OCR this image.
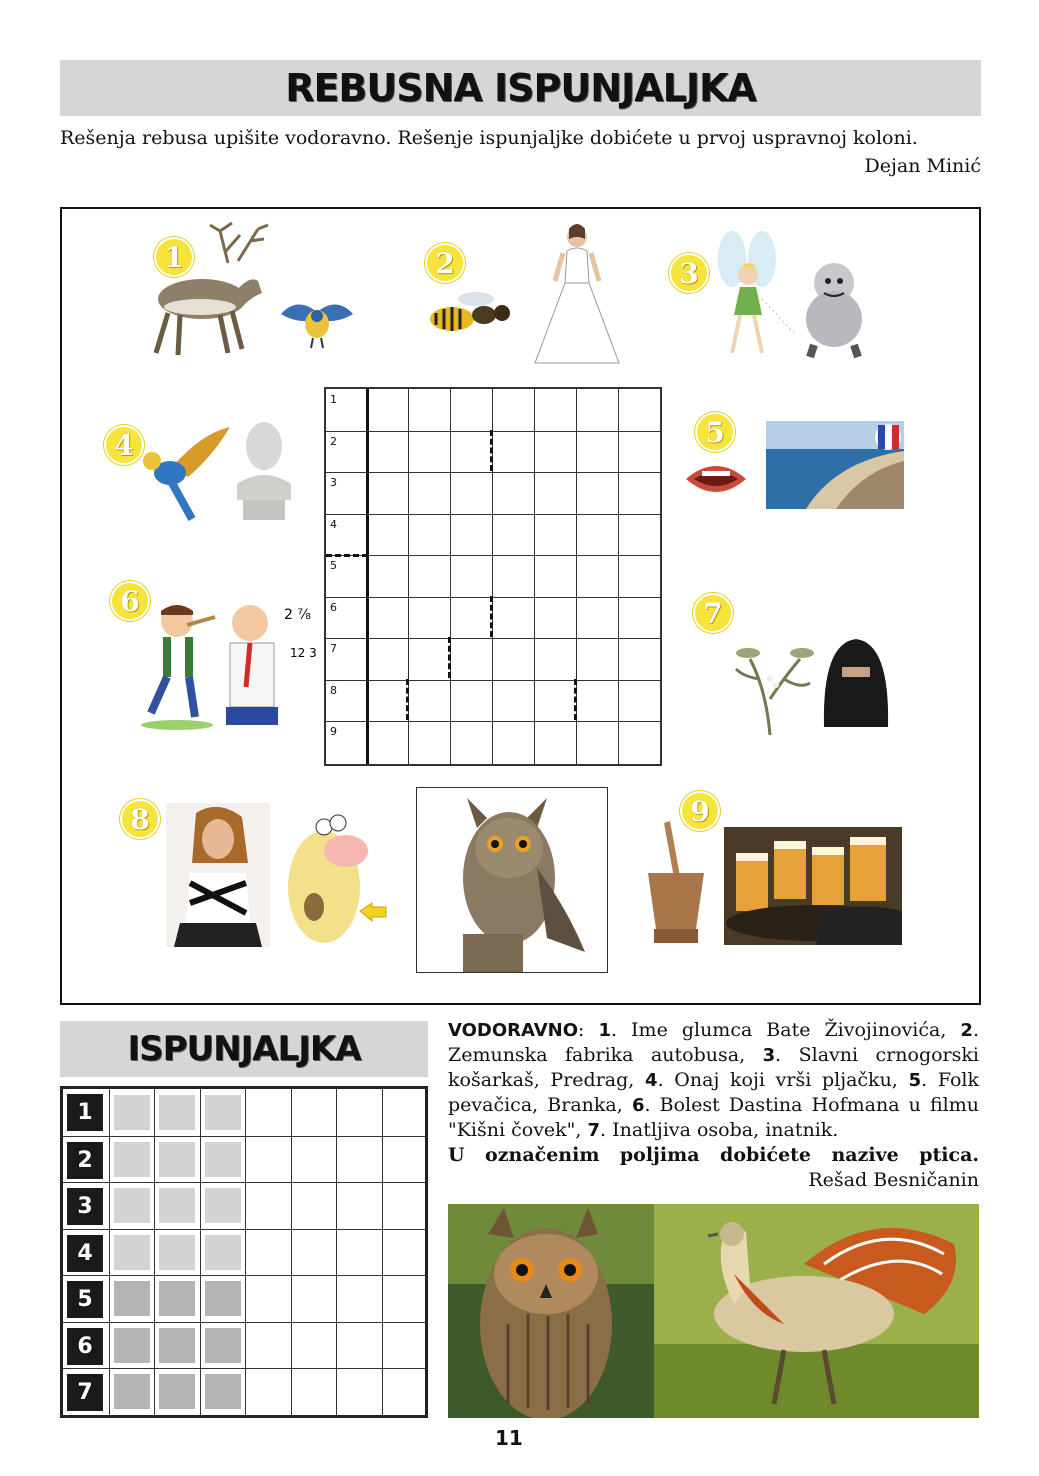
REBUSNA ISPUNJALJKA
Rešenja rebusa upišite vodoravno. Rešenje ispunjaljke dobićete u prvoj uspravnoj koloni.
Dejan Minić
1	2	3
4	5
6	2 ⅞
12 3
7
8	9
1
2
3
4
5
6
7
8
9
ISPUNJALJKA
1
2
3
4
5
6
7
VODORAVNO: 1. Ime glumca Bate Živojinovića, 2. Zemunska fabrika autobusa, 3. Slavni crnogorski košarkaš, Predrag, 4. Onaj koji vrši pljačku, 5. Folk pevačica, Branka, 6. Bolest Dastina Hofmana u filmu "Kišni čovek", 7. Inatljiva osoba, inatnik.
U označenim poljima dobićete nazive ptica.
Rešad Besničanin
11
